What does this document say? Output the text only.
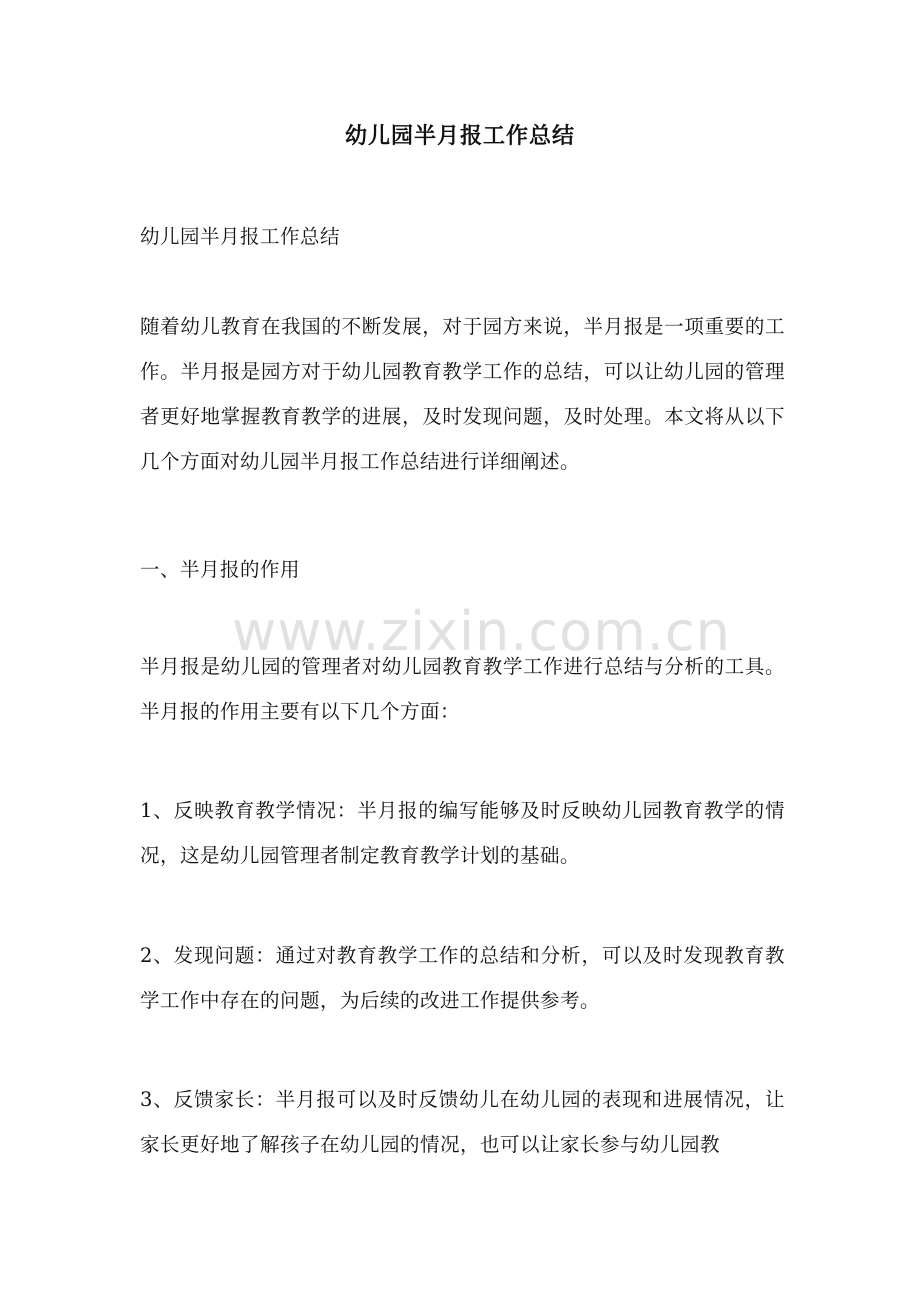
幼儿园半月报工作总结

幼儿园半月报工作总结

随着幼儿教育在我国的不断发展，对于园方来说，半月报是一项重要的工作。半月报是园方对于幼儿园教育教学工作的总结，可以让幼儿园的管理者更好地掌握教育教学的进展，及时发现问题，及时处理。本文将从以下几个方面对幼儿园半月报工作总结进行详细阐述。

一、半月报的作用

www.zixin.com.cn

半月报是幼儿园的管理者对幼儿园教育教学工作进行总结与分析的工具。半月报的作用主要有以下几个方面：

1、反映教育教学情况：半月报的编写能够及时反映幼儿园教育教学的情况，这是幼儿园管理者制定教育教学计划的基础。

2、发现问题：通过对教育教学工作的总结和分析，可以及时发现教育教学工作中存在的问题，为后续的改进工作提供参考。

3、反馈家长：半月报可以及时反馈幼儿在幼儿园的表现和进展情况，让家长更好地了解孩子在幼儿园的情况，也可以让家长参与幼儿园教
